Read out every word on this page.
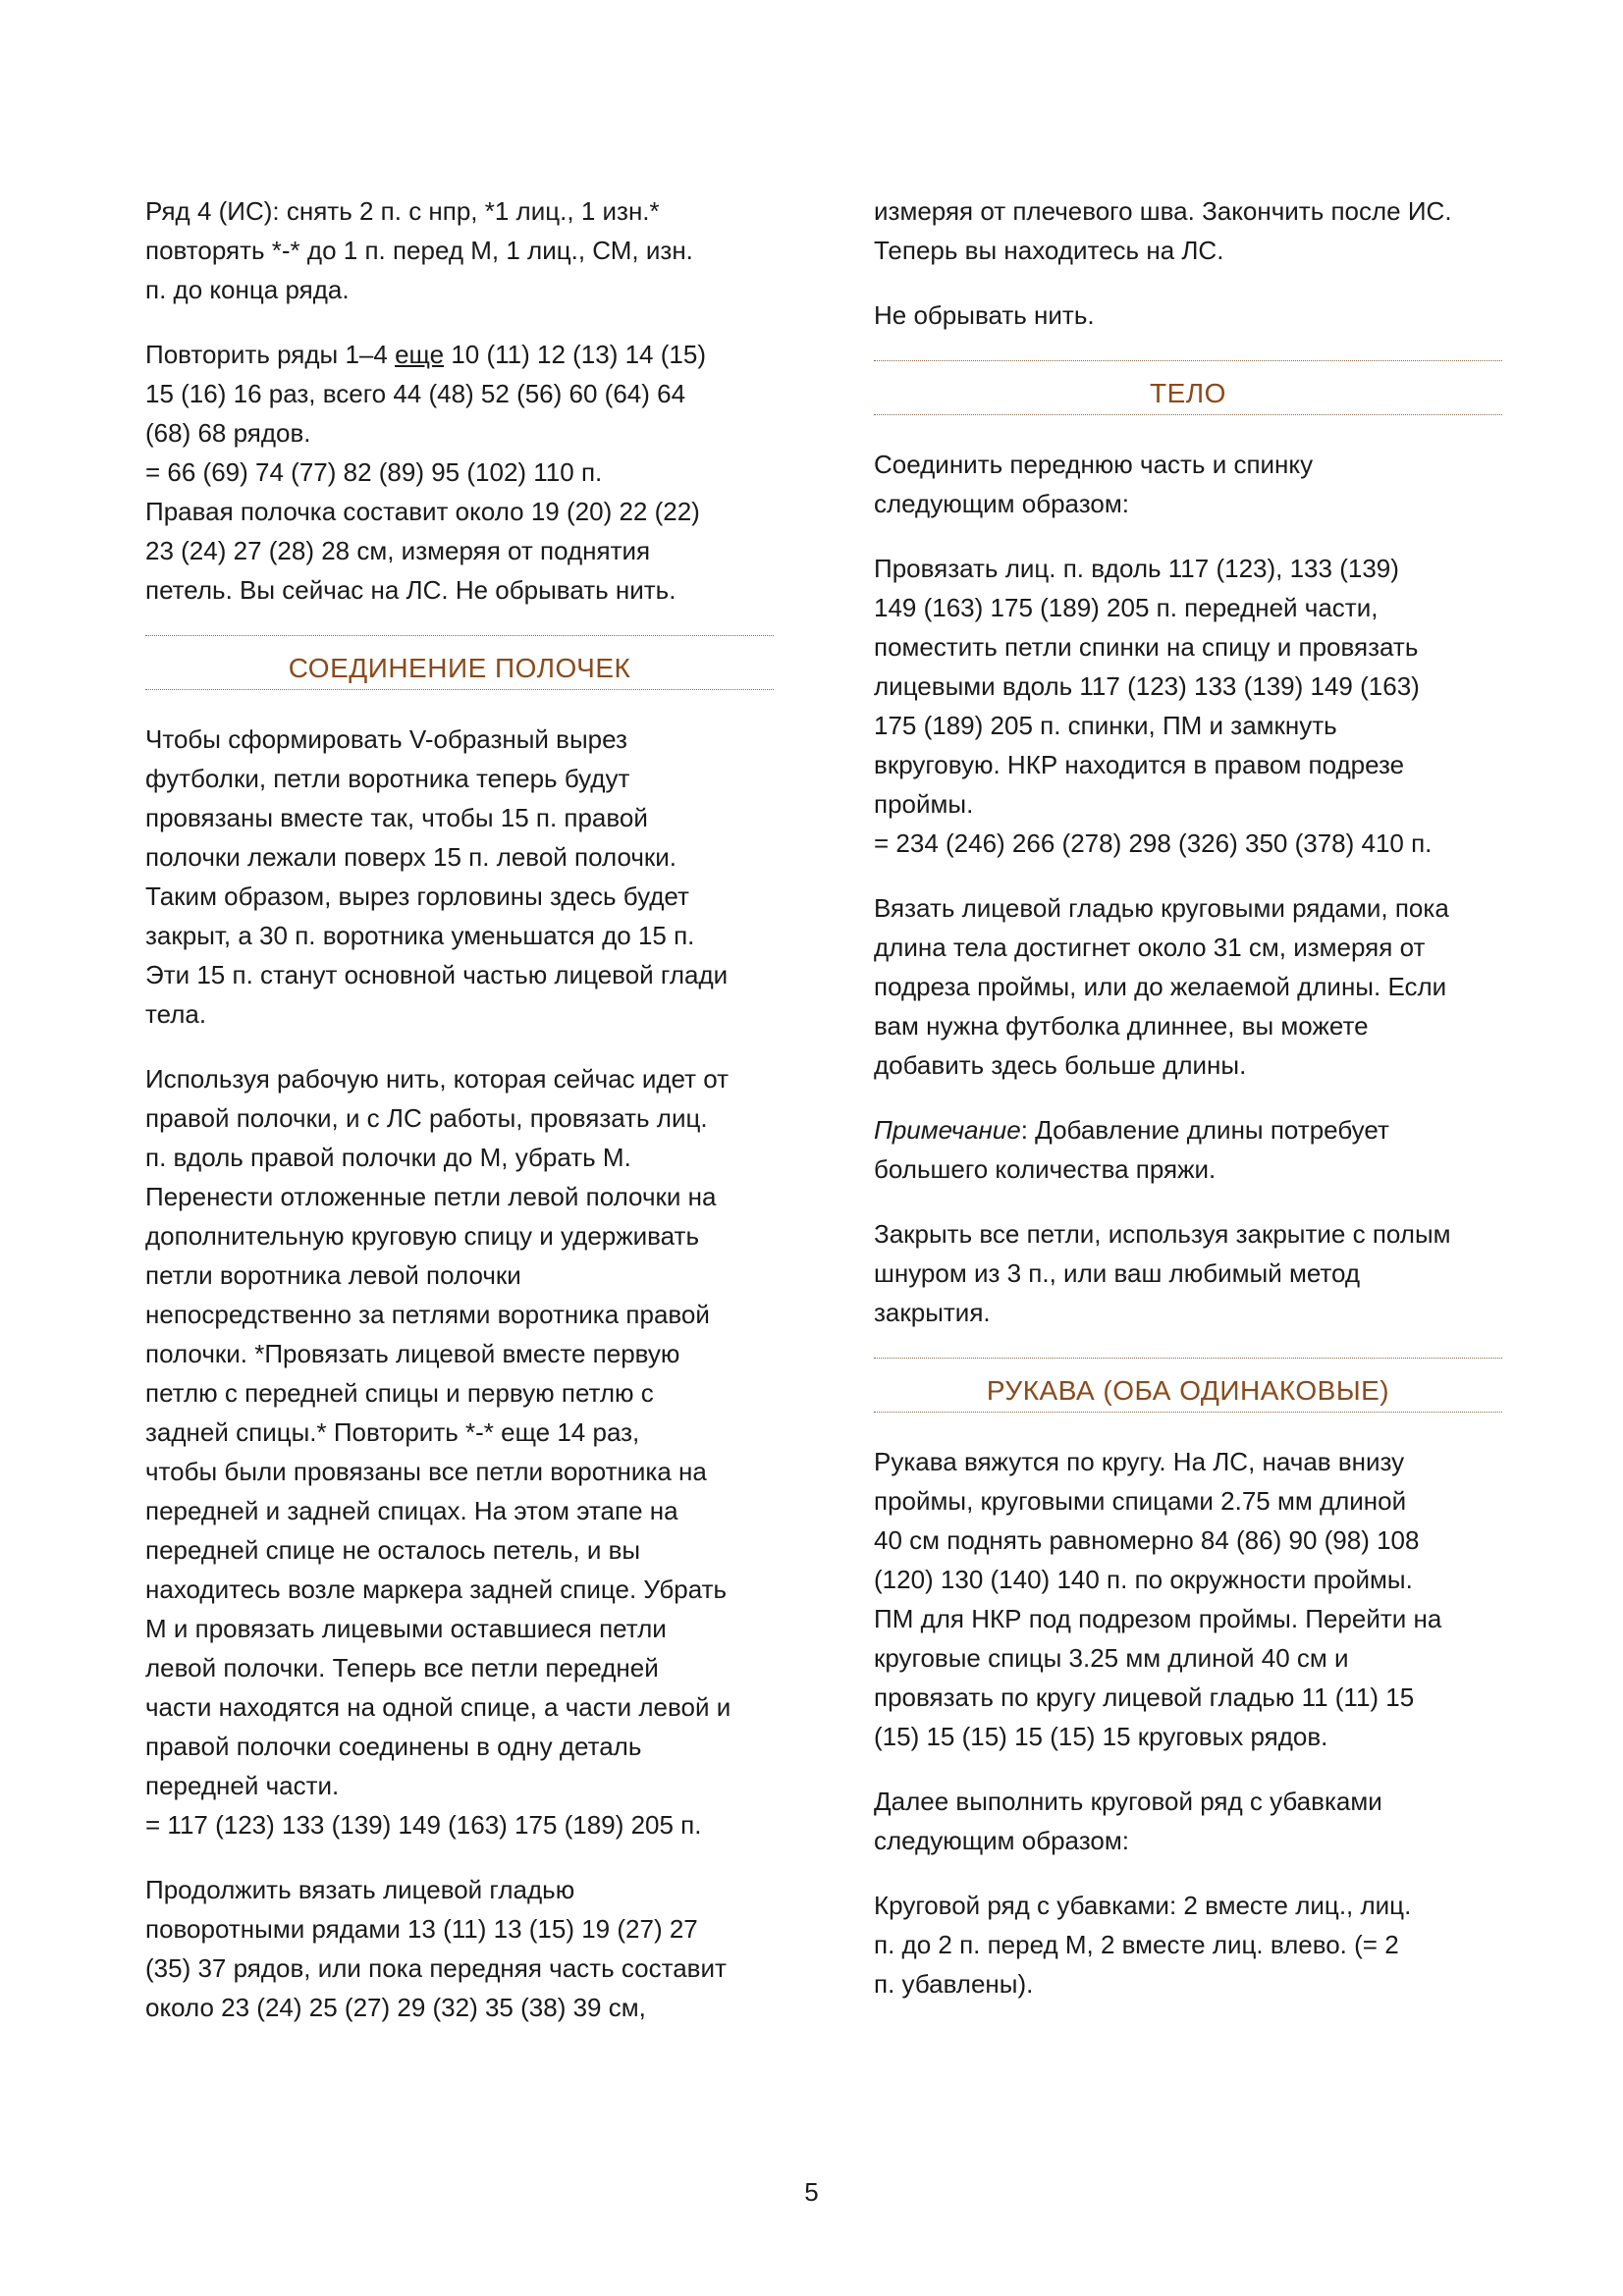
Ряд 4 (ИС): снять 2 п. с нпр, *1 лиц., 1 изн.*
повторять *-* до 1 п. перед М, 1 лиц., СМ, изн.
п. до конца ряда.

Повторить ряды 1–4 еще 10 (11) 12 (13) 14 (15)
15 (16) 16 раз, всего 44 (48) 52 (56) 60 (64) 64
(68) 68 рядов.
= 66 (69) 74 (77) 82 (89) 95 (102) 110 п.
Правая полочка составит около 19 (20) 22 (22)
23 (24) 27 (28) 28 см, измеряя от поднятия
петель. Вы сейчас на ЛС. Не обрывать нить.

СОЕДИНЕНИЕ ПОЛОЧЕК

Чтобы сформировать V-образный вырез
футболки, петли воротника теперь будут
провязаны вместе так, чтобы 15 п. правой
полочки лежали поверх 15 п. левой полочки.
Таким образом, вырез горловины здесь будет
закрыт, а 30 п. воротника уменьшатся до 15 п.
Эти 15 п. станут основной частью лицевой глади
тела.

Используя рабочую нить, которая сейчас идет от
правой полочки, и с ЛС работы, провязать лиц.
п. вдоль правой полочки до М, убрать М.
Перенести отложенные петли левой полочки на
дополнительную круговую спицу и удерживать
петли воротника левой полочки
непосредственно за петлями воротника правой
полочки. *Провязать лицевой вместе первую
петлю с передней спицы и первую петлю с
задней спицы.* Повторить *-* еще 14 раз,
чтобы были провязаны все петли воротника на
передней и задней спицах. На этом этапе на
передней спице не осталось петель, и вы
находитесь возле маркера задней спице. Убрать
М и провязать лицевыми оставшиеся петли
левой полочки. Теперь все петли передней
части находятся на одной спице, а части левой и
правой полочки соединены в одну деталь
передней части.
= 117 (123) 133 (139) 149 (163) 175 (189) 205 п.

Продолжить вязать лицевой гладью
поворотными рядами 13 (11) 13 (15) 19 (27) 27
(35) 37 рядов, или пока передняя часть составит
около 23 (24) 25 (27) 29 (32) 35 (38) 39 см,

измеряя от плечевого шва. Закончить после ИС.
Теперь вы находитесь на ЛС.

Не обрывать нить.

ТЕЛО

Соединить переднюю часть и спинку
следующим образом:

Провязать лиц. п. вдоль 117 (123), 133 (139)
149 (163) 175 (189) 205 п. передней части,
поместить петли спинки на спицу и провязать
лицевыми вдоль 117 (123) 133 (139) 149 (163)
175 (189) 205 п. спинки, ПМ и замкнуть
вкруговую. НКР находится в правом подрезе
проймы.
= 234 (246) 266 (278) 298 (326) 350 (378) 410 п.

Вязать лицевой гладью круговыми рядами, пока
длина тела достигнет около 31 см, измеряя от
подреза проймы, или до желаемой длины. Если
вам нужна футболка длиннее, вы можете
добавить здесь больше длины.

Примечание: Добавление длины потребует
большего количества пряжи.

Закрыть все петли, используя закрытие с полым
шнуром из 3 п., или ваш любимый метод
закрытия.

РУКАВА (ОБА ОДИНАКОВЫЕ)

Рукава вяжутся по кругу. На ЛС, начав внизу
проймы, круговыми спицами 2.75 мм длиной
40 см поднять равномерно 84 (86) 90 (98) 108
(120) 130 (140) 140 п. по окружности проймы.
ПМ для НКР под подрезом проймы. Перейти на
круговые спицы 3.25 мм длиной 40 см и
провязать по кругу лицевой гладью 11 (11) 15
(15) 15 (15) 15 (15) 15 круговых рядов.

Далее выполнить круговой ряд с убавками
следующим образом:

Круговой ряд с убавками: 2 вместе лиц., лиц.
п. до 2 п. перед М, 2 вместе лиц. влево. (= 2
п. убавлены).

5
